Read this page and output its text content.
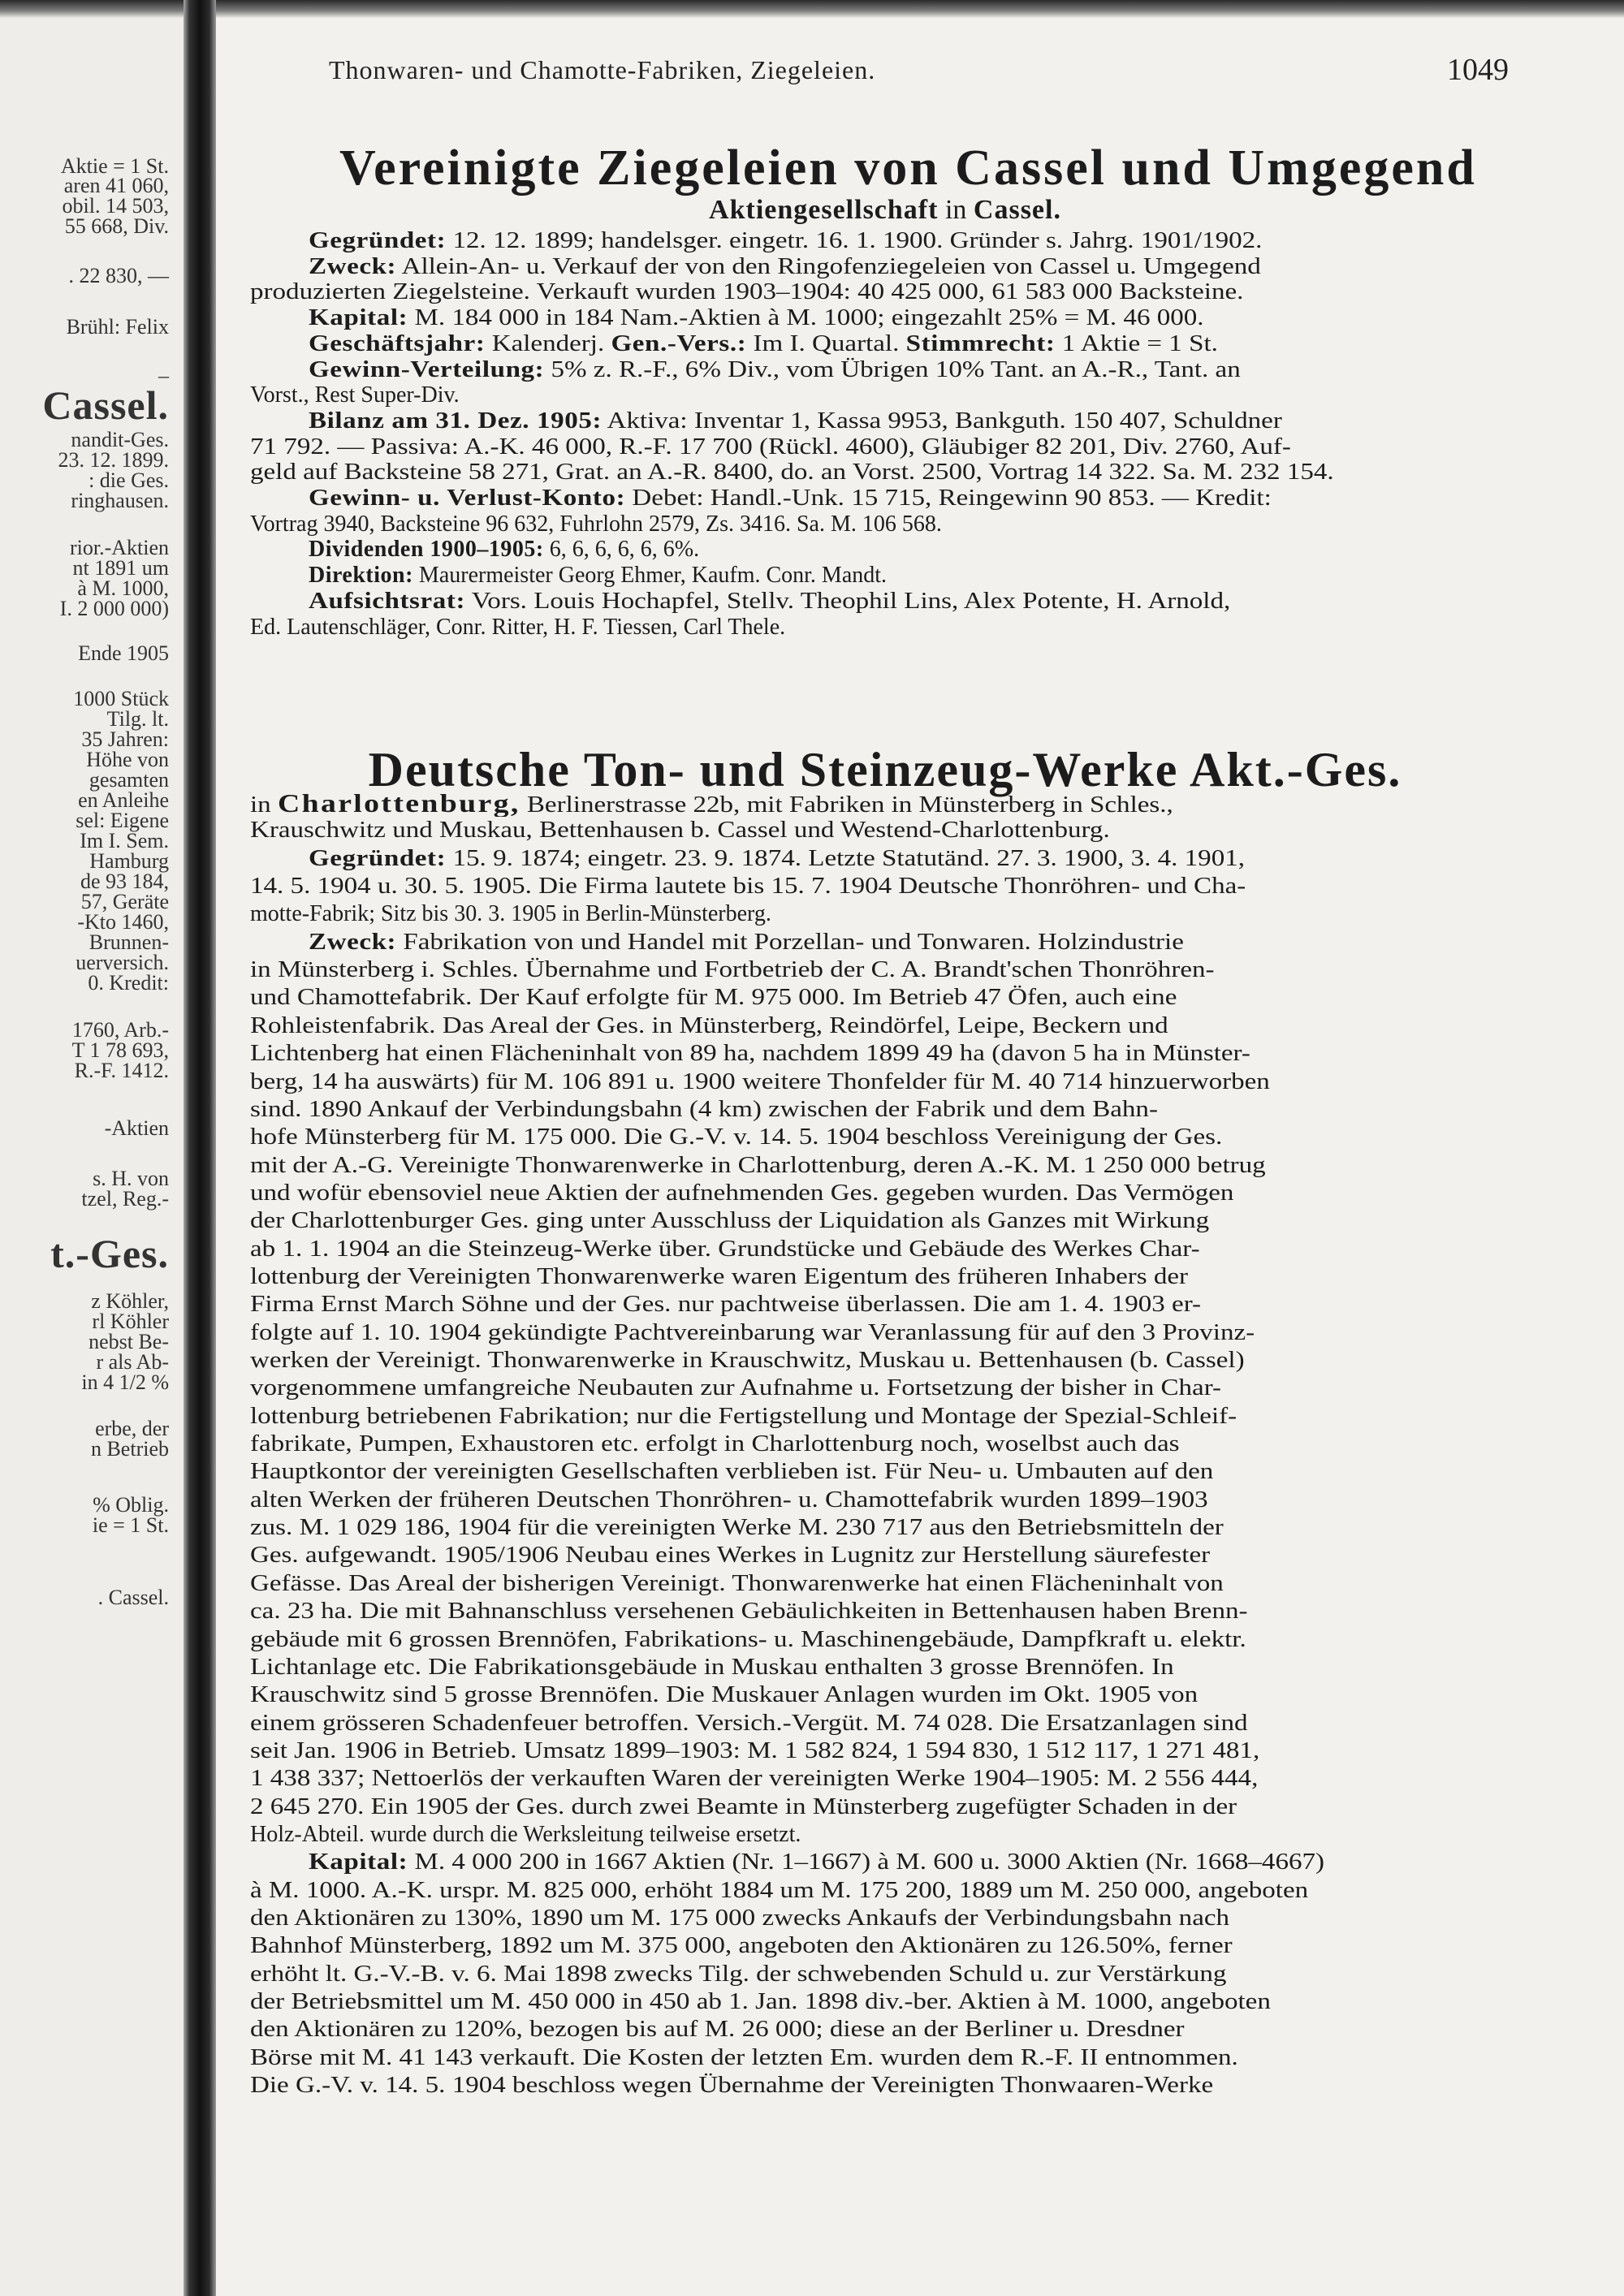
Aktie = 1 St.
aren 41 060,
obil. 14 503,
55 668, Div.
. 22 830, —
Brühl: Felix
–
Cassel.
nandit-Ges.
23. 12. 1899.
: die Ges.
ringhausen.
rior.-Aktien
nt 1891 um
à M. 1000,
I. 2 000 000)
Ende 1905
1000 Stück
Tilg. lt.
35 Jahren:
Höhe von
gesamten
en Anleihe
sel: Eigene
Im I. Sem.
Hamburg
de 93 184,
57, Geräte
-Kto 1460,
Brunnen-
uerversich.
0. Kredit:
1760, Arb.-
T 1 78 693,
R.-F. 1412.
-Aktien
s. H. von
tzel, Reg.-
t.-Ges.
z Köhler,
rl Köhler
nebst Be-
r als Ab-
in 4 1/2 %
erbe, der
n Betrieb
% Oblig.
ie = 1 St.
. Cassel.
Thonwaren- und Chamotte-Fabriken, Ziegeleien.	1049
Vereinigte Ziegeleien von Cassel und Umgegend
Aktiengesellschaft in Cassel.
Gegründet: 12. 12. 1899; handelsger. eingetr. 16. 1. 1900. Gründer s. Jahrg. 1901/1902.
Zweck: Allein-An- u. Verkauf der von den Ringofenziegeleien von Cassel u. Umgegend
produzierten Ziegelsteine. Verkauft wurden 1903–1904: 40 425 000, 61 583 000 Backsteine.
Kapital: M. 184 000 in 184 Nam.-Aktien à M. 1000; eingezahlt 25% = M. 46 000.
Geschäftsjahr: Kalenderj. Gen.-Vers.: Im I. Quartal. Stimmrecht: 1 Aktie = 1 St.
Gewinn-Verteilung: 5% z. R.-F., 6% Div., vom Übrigen 10% Tant. an A.-R., Tant. an
Vorst., Rest Super-Div.
Bilanz am 31. Dez. 1905: Aktiva: Inventar 1, Kassa 9953, Bankguth. 150 407, Schuldner
71 792. — Passiva: A.-K. 46 000, R.-F. 17 700 (Rückl. 4600), Gläubiger 82 201, Div. 2760, Auf-
geld auf Backsteine 58 271, Grat. an A.-R. 8400, do. an Vorst. 2500, Vortrag 14 322. Sa. M. 232 154.
Gewinn- u. Verlust-Konto: Debet: Handl.-Unk. 15 715, Reingewinn 90 853. — Kredit:
Vortrag 3940, Backsteine 96 632, Fuhrlohn 2579, Zs. 3416. Sa. M. 106 568.
Dividenden 1900–1905: 6, 6, 6, 6, 6, 6%.
Direktion: Maurermeister Georg Ehmer, Kaufm. Conr. Mandt.
Aufsichtsrat: Vors. Louis Hochapfel, Stellv. Theophil Lins, Alex Potente, H. Arnold,
Ed. Lautenschläger, Conr. Ritter, H. F. Tiessen, Carl Thele.
Deutsche Ton- und Steinzeug-Werke Akt.-Ges.
in Charlottenburg, Berlinerstrasse 22b, mit Fabriken in Münsterberg in Schles.,
Krauschwitz und Muskau, Bettenhausen b. Cassel und Westend-Charlottenburg.
Gegründet: 15. 9. 1874; eingetr. 23. 9. 1874. Letzte Statutänd. 27. 3. 1900, 3. 4. 1901,
14. 5. 1904 u. 30. 5. 1905. Die Firma lautete bis 15. 7. 1904 Deutsche Thonröhren- und Cha-
motte-Fabrik; Sitz bis 30. 3. 1905 in Berlin-Münsterberg.
Zweck: Fabrikation von und Handel mit Porzellan- und Tonwaren. Holzindustrie
in Münsterberg i. Schles. Übernahme und Fortbetrieb der C. A. Brandt'schen Thonröhren-
und Chamottefabrik. Der Kauf erfolgte für M. 975 000. Im Betrieb 47 Öfen, auch eine
Rohleistenfabrik. Das Areal der Ges. in Münsterberg, Reindörfel, Leipe, Beckern und
Lichtenberg hat einen Flächeninhalt von 89 ha, nachdem 1899 49 ha (davon 5 ha in Münster-
berg, 14 ha auswärts) für M. 106 891 u. 1900 weitere Thonfelder für M. 40 714 hinzuerworben
sind. 1890 Ankauf der Verbindungsbahn (4 km) zwischen der Fabrik und dem Bahn-
hofe Münsterberg für M. 175 000. Die G.-V. v. 14. 5. 1904 beschloss Vereinigung der Ges.
mit der A.-G. Vereinigte Thonwarenwerke in Charlottenburg, deren A.-K. M. 1 250 000 betrug
und wofür ebensoviel neue Aktien der aufnehmenden Ges. gegeben wurden. Das Vermögen
der Charlottenburger Ges. ging unter Ausschluss der Liquidation als Ganzes mit Wirkung
ab 1. 1. 1904 an die Steinzeug-Werke über. Grundstücke und Gebäude des Werkes Char-
lottenburg der Vereinigten Thonwarenwerke waren Eigentum des früheren Inhabers der
Firma Ernst March Söhne und der Ges. nur pachtweise überlassen. Die am 1. 4. 1903 er-
folgte auf 1. 10. 1904 gekündigte Pachtvereinbarung war Veranlassung für auf den 3 Provinz-
werken der Vereinigt. Thonwarenwerke in Krauschwitz, Muskau u. Bettenhausen (b. Cassel)
vorgenommene umfangreiche Neubauten zur Aufnahme u. Fortsetzung der bisher in Char-
lottenburg betriebenen Fabrikation; nur die Fertigstellung und Montage der Spezial-Schleif-
fabrikate, Pumpen, Exhaustoren etc. erfolgt in Charlottenburg noch, woselbst auch das
Hauptkontor der vereinigten Gesellschaften verblieben ist. Für Neu- u. Umbauten auf den
alten Werken der früheren Deutschen Thonröhren- u. Chamottefabrik wurden 1899–1903
zus. M. 1 029 186, 1904 für die vereinigten Werke M. 230 717 aus den Betriebsmitteln der
Ges. aufgewandt. 1905/1906 Neubau eines Werkes in Lugnitz zur Herstellung säurefester
Gefässe. Das Areal der bisherigen Vereinigt. Thonwarenwerke hat einen Flächeninhalt von
ca. 23 ha. Die mit Bahnanschluss versehenen Gebäulichkeiten in Bettenhausen haben Brenn-
gebäude mit 6 grossen Brennöfen, Fabrikations- u. Maschinengebäude, Dampfkraft u. elektr.
Lichtanlage etc. Die Fabrikationsgebäude in Muskau enthalten 3 grosse Brennöfen. In
Krauschwitz sind 5 grosse Brennöfen. Die Muskauer Anlagen wurden im Okt. 1905 von
einem grösseren Schadenfeuer betroffen. Versich.-Vergüt. M. 74 028. Die Ersatzanlagen sind
seit Jan. 1906 in Betrieb. Umsatz 1899–1903: M. 1 582 824, 1 594 830, 1 512 117, 1 271 481,
1 438 337; Nettoerlös der verkauften Waren der vereinigten Werke 1904–1905: M. 2 556 444,
2 645 270. Ein 1905 der Ges. durch zwei Beamte in Münsterberg zugefügter Schaden in der
Holz-Abteil. wurde durch die Werksleitung teilweise ersetzt.
Kapital: M. 4 000 200 in 1667 Aktien (Nr. 1–1667) à M. 600 u. 3000 Aktien (Nr. 1668–4667)
à M. 1000. A.-K. urspr. M. 825 000, erhöht 1884 um M. 175 200, 1889 um M. 250 000, angeboten
den Aktionären zu 130%, 1890 um M. 175 000 zwecks Ankaufs der Verbindungsbahn nach
Bahnhof Münsterberg, 1892 um M. 375 000, angeboten den Aktionären zu 126.50%, ferner
erhöht lt. G.-V.-B. v. 6. Mai 1898 zwecks Tilg. der schwebenden Schuld u. zur Verstärkung
der Betriebsmittel um M. 450 000 in 450 ab 1. Jan. 1898 div.-ber. Aktien à M. 1000, angeboten
den Aktionären zu 120%, bezogen bis auf M. 26 000; diese an der Berliner u. Dresdner
Börse mit M. 41 143 verkauft. Die Kosten der letzten Em. wurden dem R.-F. II entnommen.
Die G.-V. v. 14. 5. 1904 beschloss wegen Übernahme der Vereinigten Thonwaaren-Werke
